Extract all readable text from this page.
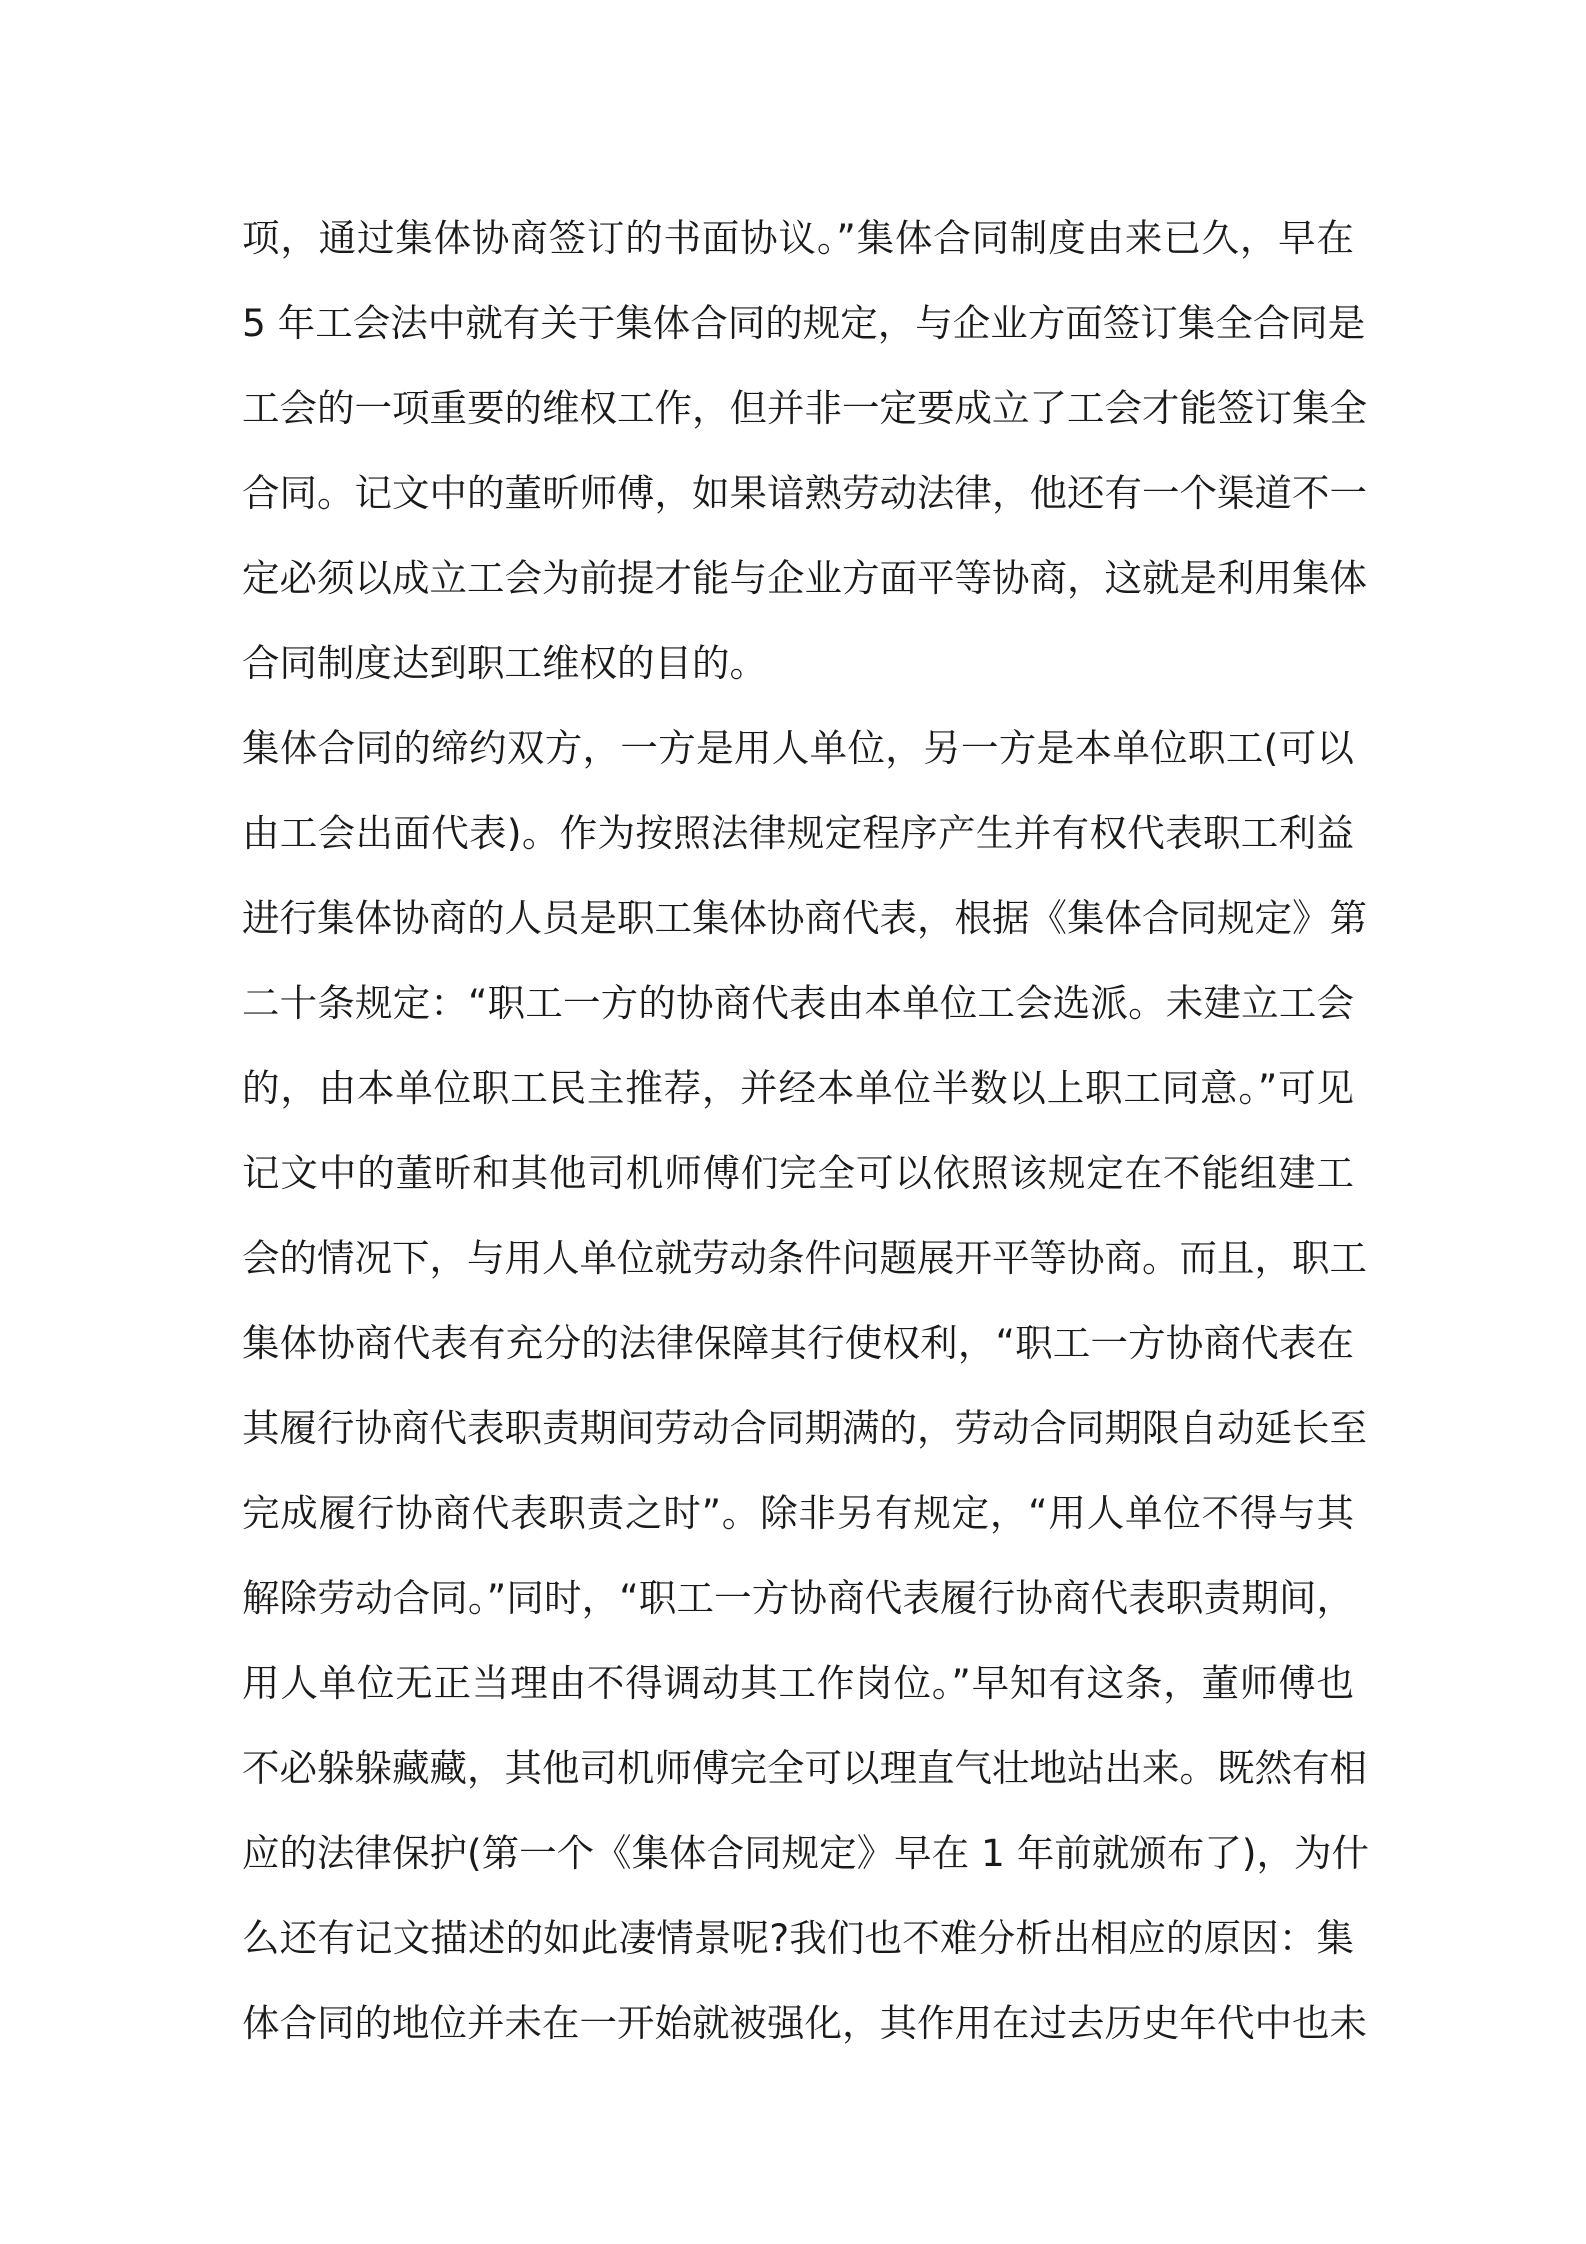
项，通过集体协商签订的书面协议。”集体合同制度由来已久，早在
5 年工会法中就有关于集体合同的规定，与企业方面签订集全合同是
工会的一项重要的维权工作，但并非一定要成立了工会才能签订集全
合同。记文中的董昕师傅，如果谙熟劳动法律，他还有一个渠道不一
定必须以成立工会为前提才能与企业方面平等协商，这就是利用集体
合同制度达到职工维权的目的。
集体合同的缔约双方，一方是用人单位，另一方是本单位职工(可以
由工会出面代表)。作为按照法律规定程序产生并有权代表职工利益
进行集体协商的人员是职工集体协商代表，根据《集体合同规定》第
二十条规定：“职工一方的协商代表由本单位工会选派。未建立工会
的，由本单位职工民主推荐，并经本单位半数以上职工同意。”可见
记文中的董昕和其他司机师傅们完全可以依照该规定在不能组建工
会的情况下，与用人单位就劳动条件问题展开平等协商。而且，职工
集体协商代表有充分的法律保障其行使权利，“职工一方协商代表在
其履行协商代表职责期间劳动合同期满的，劳动合同期限自动延长至
完成履行协商代表职责之时”。除非另有规定，“用人单位不得与其
解除劳动合同。”同时，“职工一方协商代表履行协商代表职责期间，
用人单位无正当理由不得调动其工作岗位。”早知有这条，董师傅也
不必躲躲藏藏，其他司机师傅完全可以理直气壮地站出来。既然有相
应的法律保护(第一个《集体合同规定》早在 1 年前就颁布了)，为什
么还有记文描述的如此凄情景呢?我们也不难分析出相应的原因：集
体合同的地位并未在一开始就被强化，其作用在过去历史年代中也未
